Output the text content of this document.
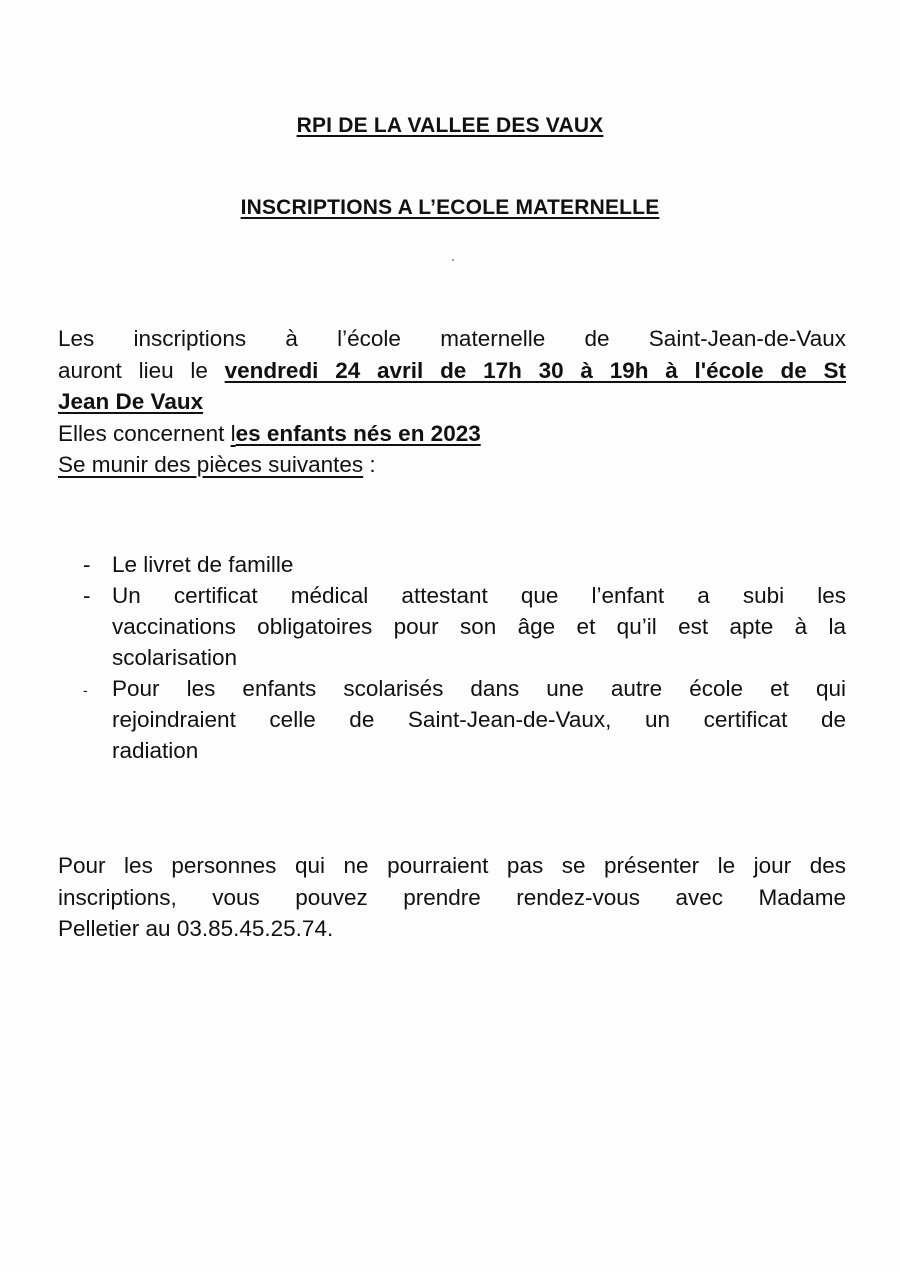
RPI DE LA VALLEE DES VAUX
INSCRIPTIONS A L’ECOLE MATERNELLE
Les inscriptions à l’école maternelle de Saint-Jean-de-Vaux
auront lieu le vendredi 24 avril de 17h 30 à 19h à l'école de St
Jean De Vaux
Elles concernent les enfants nés en 2023
Se munir des pièces suivantes :
- Le livret de famille
- Un certificat médical attestant que l’enfant a subi les
vaccinations obligatoires pour son âge et qu’il est apte à la
scolarisation
- Pour les enfants scolarisés dans une autre école et qui
rejoindraient celle de Saint-Jean-de-Vaux, un certificat de
radiation
Pour les personnes qui ne pourraient pas se présenter le jour des
inscriptions, vous pouvez prendre rendez-vous avec Madame
Pelletier au 03.85.45.25.74.
